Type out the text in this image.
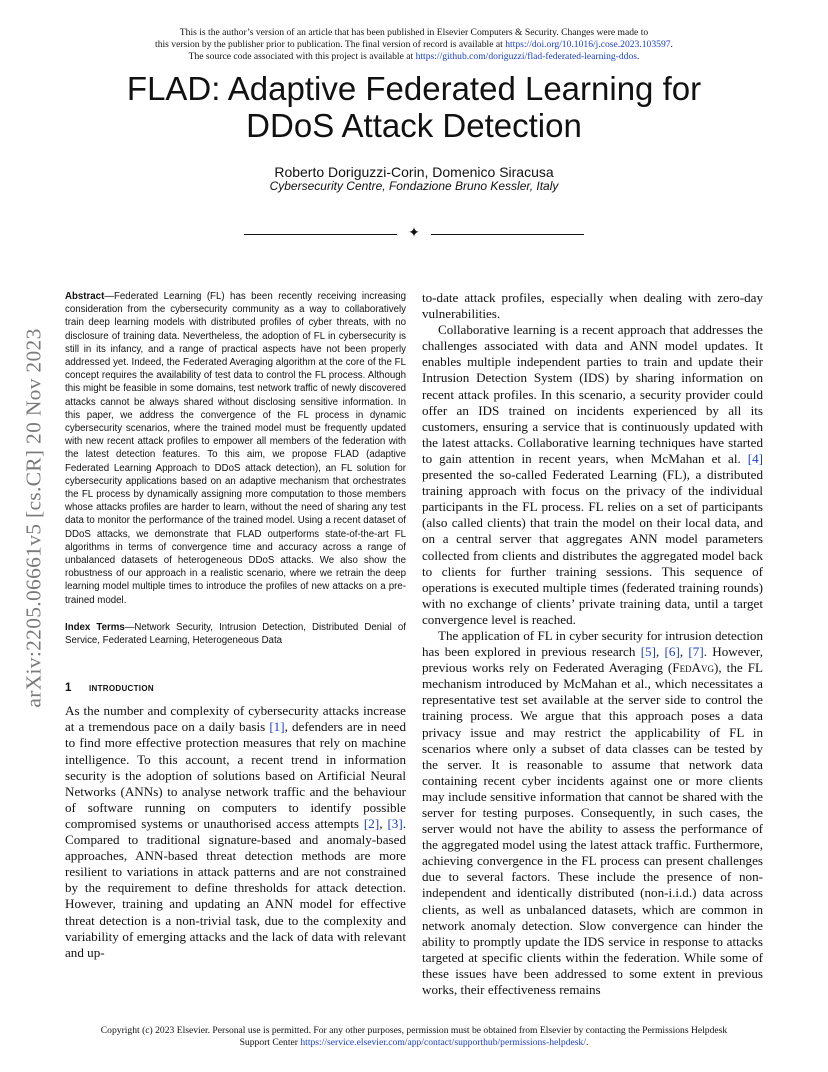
This is the author’s version of an article that has been published in Elsevier Computers & Security. Changes were made to
this version by the publisher prior to publication. The final version of record is available at https://doi.org/10.1016/j.cose.2023.103597.
The source code associated with this project is available at https://github.com/doriguzzi/flad-federated-learning-ddos.
FLAD: Adaptive Federated Learning for
DDoS Attack Detection
Roberto Doriguzzi-Corin, Domenico Siracusa
Cybersecurity Centre, Fondazione Bruno Kessler, Italy
✦
arXiv:2205.06661v5 [cs.CR] 20 Nov 2023

Abstract—Federated Learning (FL) has been recently receiving increasing consideration from the cybersecurity community as a way to collaboratively train deep learning models with distributed profiles of cyber threats, with no disclosure of training data. Nevertheless, the adoption of FL in cybersecurity is still in its infancy, and a range of practical aspects have not been properly addressed yet. Indeed, the Federated Averaging algorithm at the core of the FL concept requires the availability of test data to control the FL process. Although this might be feasible in some domains, test network traffic of newly discovered attacks cannot be always shared without disclosing sensitive information. In this paper, we address the convergence of the FL process in dynamic cybersecurity scenarios, where the trained model must be frequently updated with new recent attack profiles to empower all members of the federation with the latest detection features. To this aim, we propose FLAD (adaptive Federated Learning Approach to DDoS attack detection), an FL solution for cybersecurity applications based on an adaptive mechanism that orchestrates the FL process by dynamically assigning more computation to those members whose attacks profiles are harder to learn, without the need of sharing any test data to monitor the performance of the trained model. Using a recent dataset of DDoS attacks, we demonstrate that FLAD outperforms state-of-the-art FL algorithms in terms of convergence time and accuracy across a range of unbalanced datasets of heterogeneous DDoS attacks. We also show the robustness of our approach in a realistic scenario, where we retrain the deep learning model multiple times to introduce the profiles of new attacks on a pre-trained model.

Index Terms—Network Security, Intrusion Detection, Distributed Denial of Service, Federated Learning, Heterogeneous Data

1 introduction

As the number and complexity of cybersecurity attacks increase at a tremendous pace on a daily basis [1], defenders are in need to find more effective protection measures that rely on machine intelligence. To this account, a recent trend in information security is the adoption of solutions based on Artificial Neural Networks (ANNs) to analyse network traffic and the behaviour of software running on computers to identify possible compromised systems or unauthorised access attempts [2], [3]. Compared to traditional signature-based and anomaly-based approaches, ANN-based threat detection methods are more resilient to variations in attack patterns and are not constrained by the requirement to define thresholds for attack detection. However, training and updating an ANN model for effective threat detection is a non-trivial task, due to the complexity and variability of emerging attacks and the lack of data with relevant and up-

to-date attack profiles, especially when dealing with zero-day vulnerabilities.

Collaborative learning is a recent approach that addresses the challenges associated with data and ANN model updates. It enables multiple independent parties to train and update their Intrusion Detection System (IDS) by sharing information on recent attack profiles. In this scenario, a security provider could offer an IDS trained on incidents experienced by all its customers, ensuring a service that is continuously updated with the latest attacks. Collaborative learning techniques have started to gain attention in recent years, when McMahan et al. [4] presented the so-called Federated Learning (FL), a distributed training approach with focus on the privacy of the individual participants in the FL process. FL relies on a set of participants (also called clients) that train the model on their local data, and on a central server that aggregates ANN model parameters collected from clients and distributes the aggregated model back to clients for further training sessions. This sequence of operations is executed multiple times (federated training rounds) with no exchange of clients’ private training data, until a target convergence level is reached.

The application of FL in cyber security for intrusion detection has been explored in previous research [5], [6], [7]. However, previous works rely on Federated Averaging (FedAvg), the FL mechanism introduced by McMahan et al., which necessitates a representative test set available at the server side to control the training process. We argue that this approach poses a data privacy issue and may restrict the applicability of FL in scenarios where only a subset of data classes can be tested by the server. It is reasonable to assume that network data containing recent cyber incidents against one or more clients may include sensitive information that cannot be shared with the server for testing purposes. Consequently, in such cases, the server would not have the ability to assess the performance of the aggregated model using the latest attack traffic. Furthermore, achieving convergence in the FL process can present challenges due to several factors. These include the presence of non-independent and identically distributed (non-i.i.d.) data across clients, as well as unbalanced datasets, which are common in network anomaly detection. Slow convergence can hinder the ability to promptly update the IDS service in response to attacks targeted at specific clients within the federation. While some of these issues have been addressed to some extent in previous works, their effectiveness remains

Copyright (c) 2023 Elsevier. Personal use is permitted. For any other purposes, permission must be obtained from Elsevier by contacting the Permissions Helpdesk
Support Center https://service.elsevier.com/app/contact/supporthub/permissions-helpdesk/.
